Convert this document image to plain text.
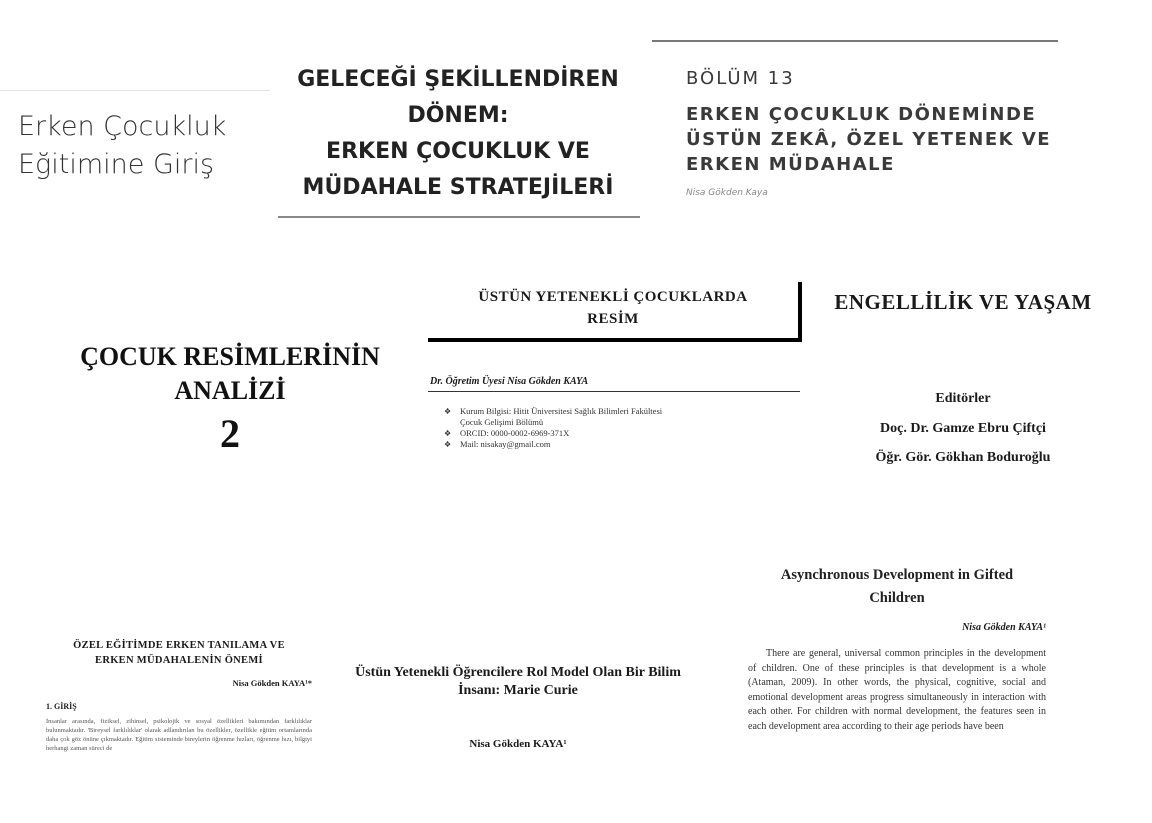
Erken Çocukluk
Eğitimine Giriş
GELECEĞİ ŞEKİLLENDİREN
DÖNEM:
ERKEN ÇOCUKLUK VE
MÜDAHALE STRATEJİLERİ
BÖLÜM 13
ERKEN ÇOCUKLUK DÖNEMİNDE
ÜSTÜN ZEKÂ, ÖZEL YETENEK VE
ERKEN MÜDAHALE
Nisa Gökden Kaya
ÇOCUK RESİMLERİNİN
ANALİZİ
2
ÜSTÜN YETENEKLİ ÇOCUKLARDA
RESİM
Dr. Öğretim Üyesi Nisa Gökden KAYA
❖ Kurum Bilgisi: Hitit Üniversitesi Sağlık Bilimleri Fakültesi
Çocuk Gelişimi Bölümü
❖ ORCID: 0000-0002-6969-371X
❖ Mail: nisakay@gmail.com
ENGELLİLİK VE YAŞAM
Editörler
Doç. Dr. Gamze Ebru Çiftçi
Öğr. Gör. Gökhan Boduroğlu
ÖZEL EĞİTİMDE ERKEN TANILAMA VE
ERKEN MÜDAHALENİN ÖNEMİ
Nisa Gökden KAYA¹*
1. GİRİŞ
İnsanlar arasında, fiziksel, zihinsel, psikolojik ve sosyal özellikleri bakımından farklılıklar bulunmaktadır. 'Bireysel farklılıklar' olarak adlandırılan bu özellikler, özellikle eğitim ortamlarında daha çok göz önüne çıkmaktadır. Eğitim sisteminde bireylerin öğrenme hızları, öğrenme hızı, bilgiyi herhangi zaman süreci de
Üstün Yetenekli Öğrencilere Rol Model Olan Bir Bilim
İnsanı: Marie Curie
Nisa Gökden KAYA¹
Asynchronous Development in Gifted
Children
Nisa Gökden KAYA¹
There are general, universal common principles in the development of children. One of these principles is that development is a whole (Ataman, 2009). In other words, the physical, cognitive, social and emotional development areas progress simultaneously in interaction with each other. For children with normal development, the features seen in each development area according to their age periods have been
